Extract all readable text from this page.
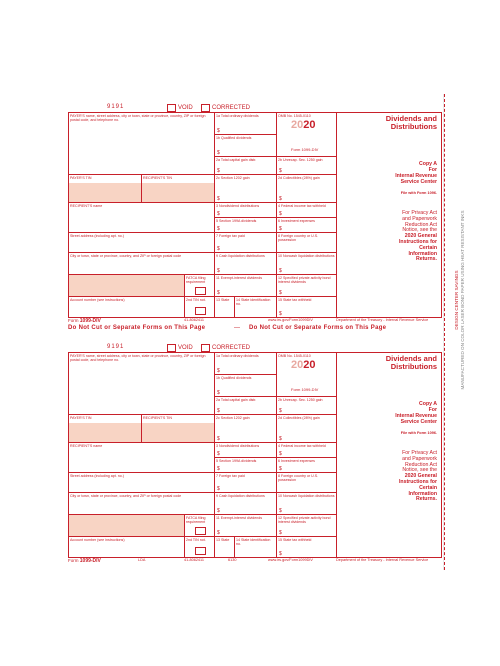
9191	VOID	CORRECTED
PAYER'S name, street address, city or town, state or province, country, ZIP or foreign postal code, and telephone no.
1a Total ordinary dividends
$
1b Qualified dividends
$
OMB No. 1545-0110
2020
Form 1099-DIV
2a Total capital gain distr.
$
2b Unrecap. Sec. 1250 gain
$
PAYER'S TIN	RECIPIENT'S TIN	2c Section 1202 gain
$
2d Collectibles (28%) gain
$
RECIPIENT'S name	3 Nondividend distributions
$
4 Federal income tax withheld
$
5 Section 199A dividends
$
6 Investment expenses
$
Street address (including apt. no.)	7 Foreign tax paid
$
8 Foreign country or U.S. possession
City or town, state or province, country, and ZIP or foreign postal code	9 Cash liquidation distributions
$
10 Noncash liquidation distributions
$
FATCA filing requirement
11 Exempt-interest dividends
$
12 Specified private activity bond interest dividends
$
Account number (see instructions)	2nd TIN not.	13 State	14 State identification no.
15 State tax withheld
$
Dividends and Distributions
Copy A
For
Internal Revenue
Service Center
File with Form 1096.
For Privacy Act
and Paperwork
Reduction Act
Notice, see the
2020 General
Instructions for
Certain
Information
Returns.
Form 1099-DIV	41-8062411	www.irs.gov/Form1099DIV	Department of the Treasury - Internal Revenue Service
Do Not Cut or Separate Forms on This Page	— Do Not Cut or Separate Forms on This Page
9191	VOID	CORRECTED
PAYER'S name, street address, city or town, state or province, country, ZIP or foreign postal code, and telephone no.
1a Total ordinary dividends
$
1b Qualified dividends
$
OMB No. 1545-0110
2020
Form 1099-DIV
2a Total capital gain distr.
$
2b Unrecap. Sec. 1250 gain
$
PAYER'S TIN	RECIPIENT'S TIN	2c Section 1202 gain
$
2d Collectibles (28%) gain
$
RECIPIENT'S name	3 Nondividend distributions
$
4 Federal income tax withheld
$
5 Section 199A dividends
$
6 Investment expenses
$
Street address (including apt. no.)	7 Foreign tax paid
$
8 Foreign country or U.S. possession
City or town, state or province, country, and ZIP or foreign postal code	9 Cash liquidation distributions
$
10 Noncash liquidation distributions
$
FATCA filing requirement
11 Exempt-interest dividends
$
12 Specified private activity bond interest dividends
$
Account number (see instructions)	2nd TIN not.	13 State	14 State identification no.
15 State tax withheld
$
Dividends and Distributions
Copy A
For
Internal Revenue
Service Center
File with Form 1096.
For Privacy Act
and Paperwork
Reduction Act
Notice, see the
2020 General
Instructions for
Certain
Information
Returns.
Form 1099-DIV	LDA	41-8062411	6130	www.irs.gov/Form1099DIV	Department of the Treasury - Internal Revenue Service
DESIGN CENTER SAVINGS MANUFACTURED ON COLOR LASER BOND PAPER USING HEAT RESISTANT INKS
